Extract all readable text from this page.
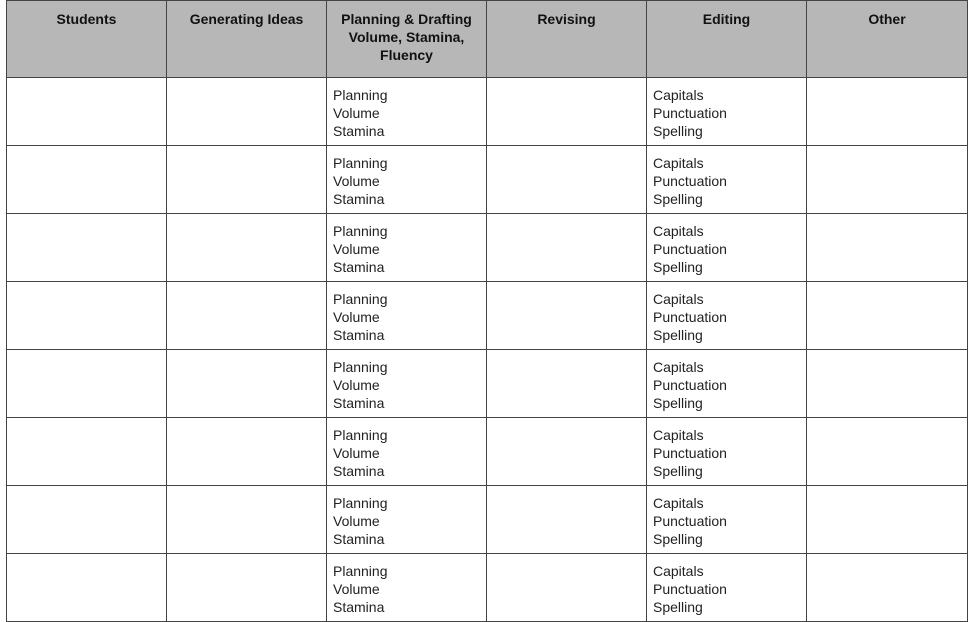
Students	Generating Ideas	Planning & Drafting Volume, Stamina, Fluency	Revising	Editing	Other

		Planning
Volume
Stamina		Capitals
Punctuation
Spelling	

		Planning
Volume
Stamina		Capitals
Punctuation
Spelling	

		Planning
Volume
Stamina		Capitals
Punctuation
Spelling	

		Planning
Volume
Stamina		Capitals
Punctuation
Spelling	

		Planning
Volume
Stamina		Capitals
Punctuation
Spelling	

		Planning
Volume
Stamina		Capitals
Punctuation
Spelling	

		Planning
Volume
Stamina		Capitals
Punctuation
Spelling	

		Planning
Volume
Stamina		Capitals
Punctuation
Spelling	
